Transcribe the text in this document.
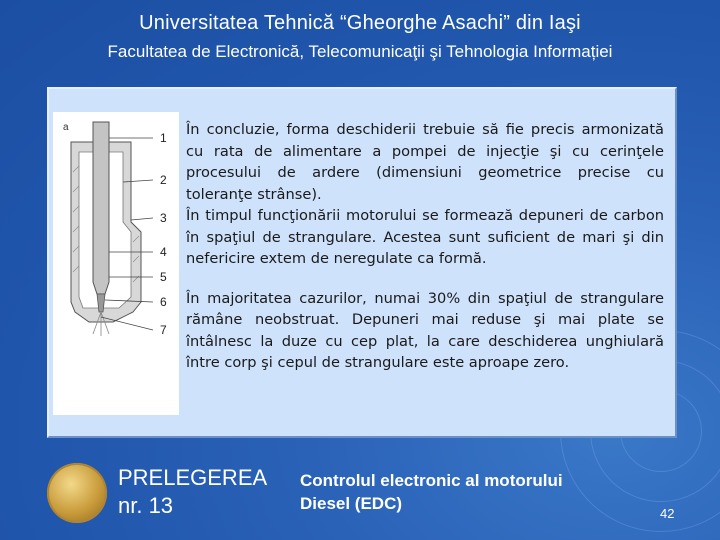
Universitatea Tehnică “Gheorghe Asachi” din Iaşi
Facultatea de Electronică, Telecomunicaţii şi Tehnologia Informației
a
1
2
3
4
5
6
7

În concluzie, forma deschiderii trebuie să fie precis armonizată cu rata de alimentare a pompei de injecţie şi cu cerinţele procesului de ardere (dimensiuni geometrice precise cu toleranţe strânse).

În timpul funcţionării motorului se formează depuneri de carbon în spaţiul de strangulare. Acestea sunt suficient de mari şi din nefericire extem de neregulate ca formă.

În majoritatea cazurilor, numai 30% din spaţiul de strangulare rămâne neobstruat. Depuneri mai reduse şi mai plate se întâlnesc la duze cu cep plat, la care deschiderea unghiulară între corp şi cepul de strangulare este aproape zero.

PRELEGEREA
nr. 13
Controlul electronic al motorului
Diesel (EDC)
42
